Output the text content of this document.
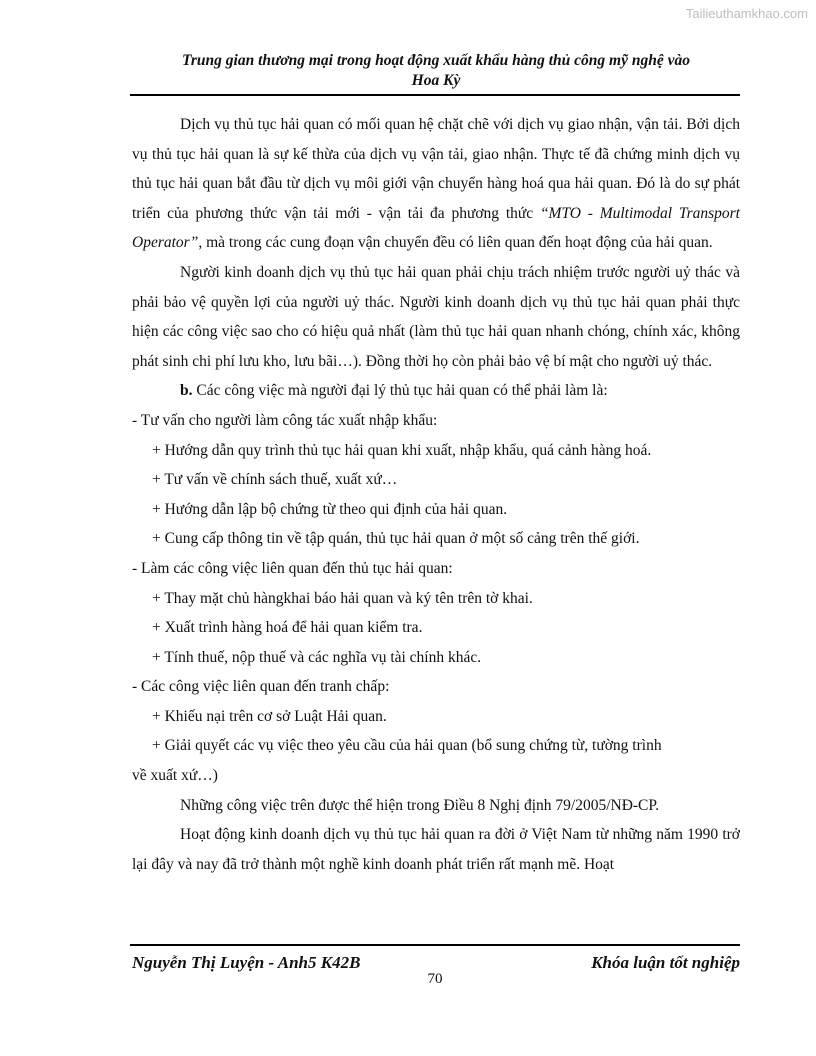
Tailieuthamkhao.com
Trung gian thương mại trong hoạt động xuất khẩu hàng thủ công mỹ nghệ vào
Hoa Kỳ

Dịch vụ thủ tục hải quan có mối quan hệ chặt chẽ với dịch vụ giao nhận, vận tải. Bởi dịch vụ thủ tục hải quan là sự kế thừa của dịch vụ vận tải, giao nhận. Thực tế đã chứng minh dịch vụ thủ tục hải quan bắt đầu từ dịch vụ môi giới vận chuyển hàng hoá qua hải quan. Đó là do sự phát triển của phương thức vận tải mới - vận tải đa phương thức “MTO - Multimodal Transport Operator”, mà trong các cung đoạn vận chuyển đều có liên quan đến hoạt động của hải quan.

Người kinh doanh dịch vụ thủ tục hải quan phải chịu trách nhiệm trước người uỷ thác và phải bảo vệ quyền lợi của người uỷ thác. Người kinh doanh dịch vụ thủ tục hải quan phải thực hiện các công việc sao cho có hiệu quả nhất (làm thủ tục hải quan nhanh chóng, chính xác, không phát sinh chi phí lưu kho, lưu bãi…). Đồng thời họ còn phải bảo vệ bí mật cho người uỷ thác.

b. Các công việc mà người đại lý thủ tục hải quan có thể phải làm là:

- Tư vấn cho người làm công tác xuất nhập khẩu:

+ Hướng dẫn quy trình thủ tục hải quan khi xuất, nhập khẩu, quá cảnh hàng hoá.

+ Tư vấn về chính sách thuế, xuất xứ…

+ Hướng dẫn lập bộ chứng từ theo qui định của hải quan.

+ Cung cấp thông tin về tập quán, thủ tục hải quan ở một số cảng trên thế giới.

- Làm các công việc liên quan đến thủ tục hải quan:

+ Thay mặt chủ hàngkhai báo hải quan và ký tên trên tờ khai.

+ Xuất trình hàng hoá để hải quan kiểm tra.

+ Tính thuế, nộp thuế và các nghĩa vụ tài chính khác.

- Các công việc liên quan đến tranh chấp:

+ Khiếu nại trên cơ sở Luật Hải quan.

+ Giải quyết các vụ việc theo yêu cầu của hải quan (bổ sung chứng từ, tường trình

về xuất xứ…)

Những công việc trên được thể hiện trong Điều 8 Nghị định 79/2005/NĐ-CP.

Hoạt động kinh doanh dịch vụ thủ tục hải quan ra đời ở Việt Nam từ những năm 1990 trở lại đây và nay đã trở thành một nghề kinh doanh phát triển rất mạnh mẽ. Hoạt

Nguyễn Thị Luyện - Anh5 K42B	Khóa luận tốt nghiệp
70
